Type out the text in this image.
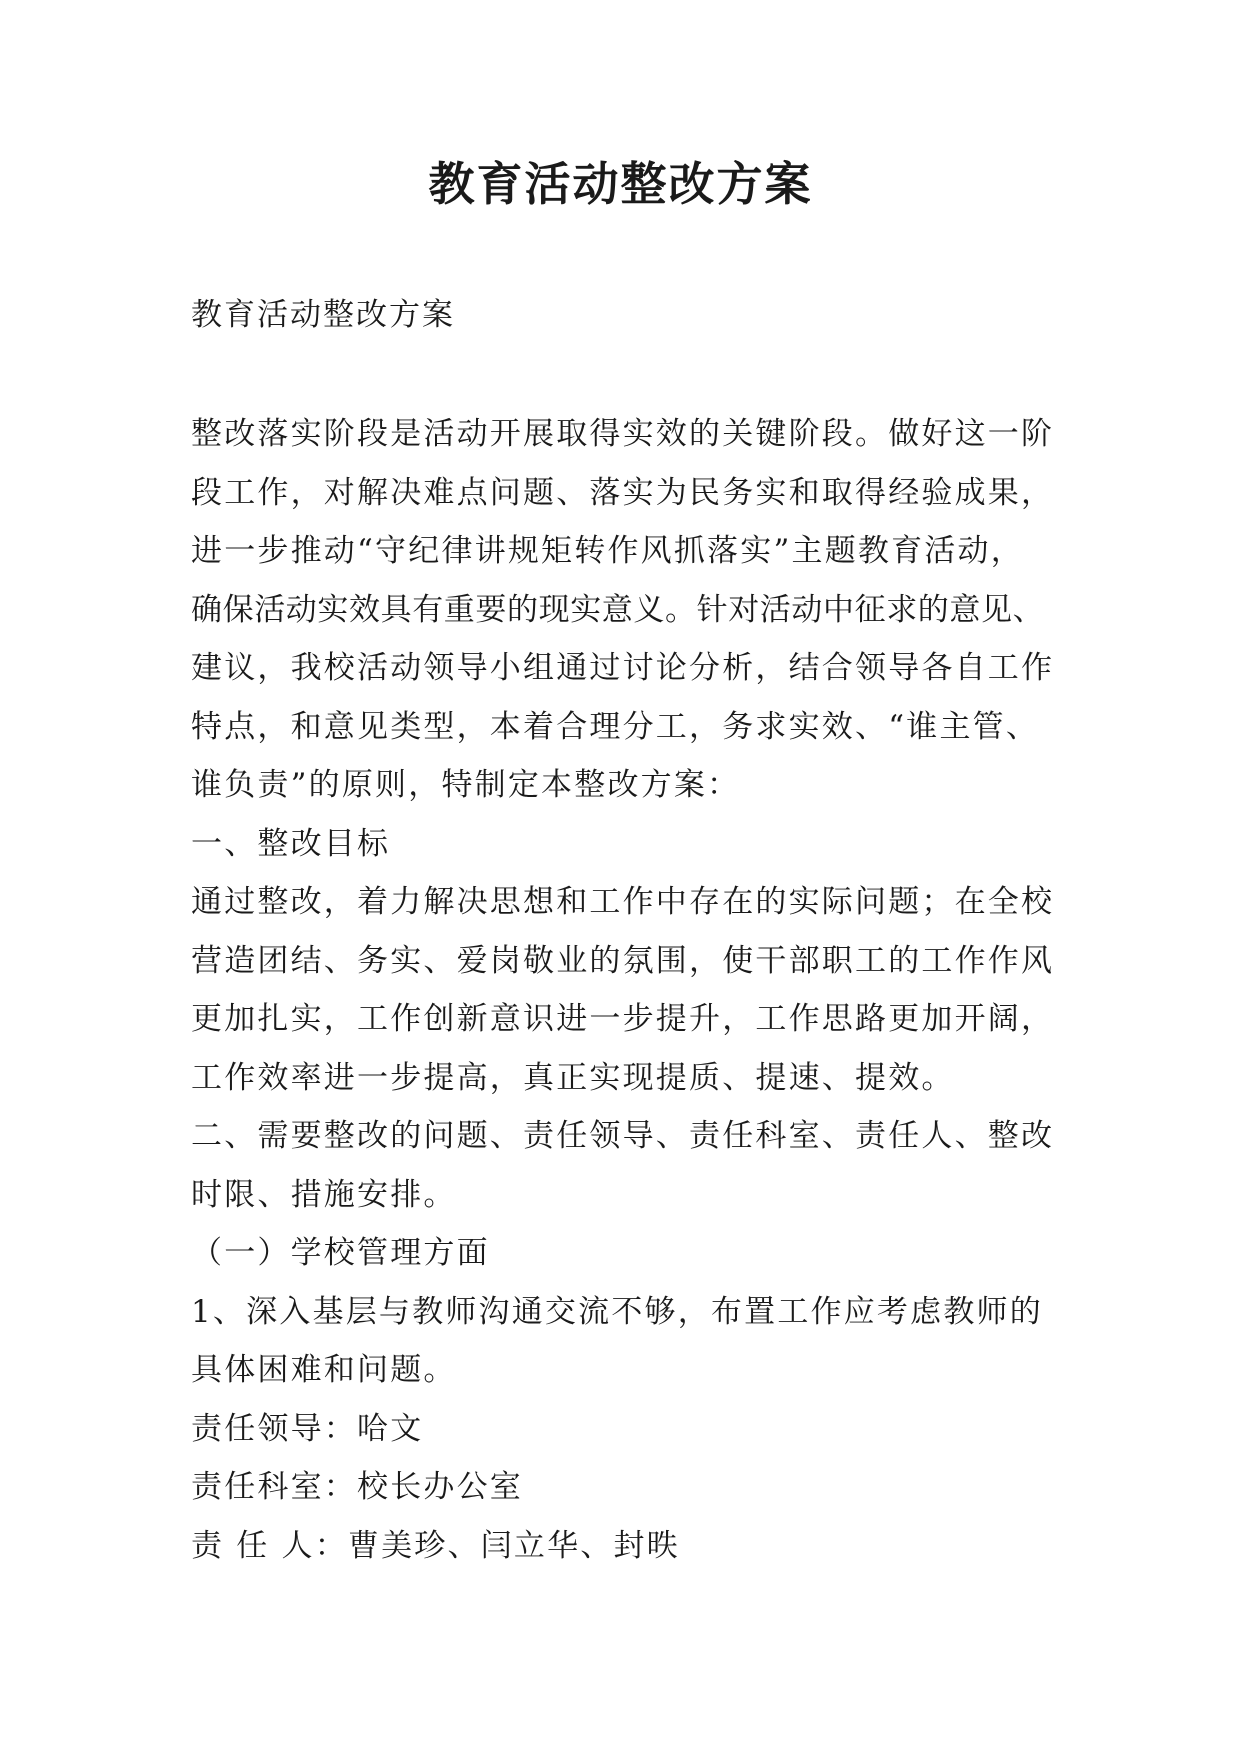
教育活动整改方案

教育活动整改方案

整改落实阶段是活动开展取得实效的关键阶段。做好这一阶
段工作，对解决难点问题、落实为民务实和取得经验成果，
进一步推动“守纪律讲规矩转作风抓落实”主题教育活动，
确保活动实效具有重要的现实意义。针对活动中征求的意见、
建议，我校活动领导小组通过讨论分析，结合领导各自工作
特点，和意见类型，本着合理分工，务求实效、“谁主管、
谁负责”的原则，特制定本整改方案：
一、整改目标
通过整改，着力解决思想和工作中存在的实际问题；在全校
营造团结、务实、爱岗敬业的氛围，使干部职工的工作作风
更加扎实，工作创新意识进一步提升，工作思路更加开阔，
工作效率进一步提高，真正实现提质、提速、提效。
二、需要整改的问题、责任领导、责任科室、责任人、整改
时限、措施安排。
（一）学校管理方面
1、深入基层与教师沟通交流不够，布置工作应考虑教师的
具体困难和问题。
责任领导：哈文
责任科室：校长办公室
责 任 人：曹美珍、闫立华、封昳
